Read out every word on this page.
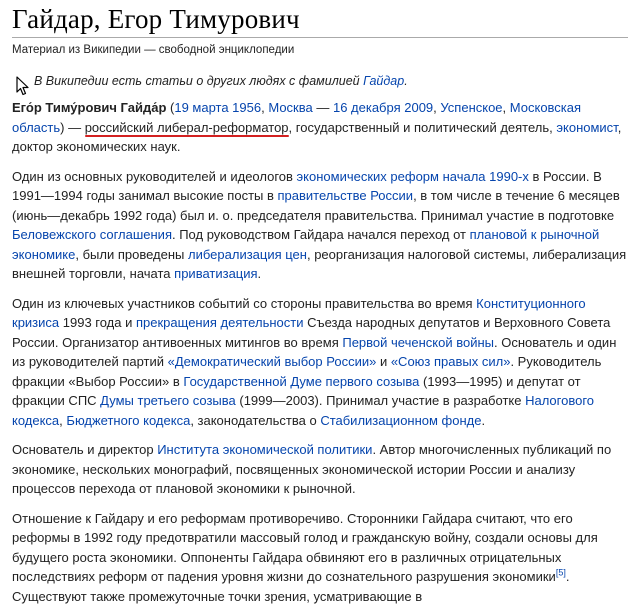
Гайдар, Егор Тимурович
Материал из Википедии — свободной энциклопедии
В Википедии есть статьи о других людях с фамилией Гайдар.

Его́р Тиму́рович Гайда́р (19 марта 1956, Москва — 16 декабря 2009, Успенское, Московская область) — российский либерал-реформатор
, государственный и политический деятель, экономист, доктор экономических наук.

Один из основных руководителей и идеологов экономических реформ начала 1990-х в России. В 1991—1994 годы занимал высокие посты в правительстве России, в том числе в течение 6 месяцев (июнь—декабрь 1992 года) был и. о. председателя правительства. Принимал участие в подготовке Беловежского соглашения. Под руководством Гайдара начался переход от плановой к рыночной экономике, были проведены либерализация цен, реорганизация налоговой системы, либерализация внешней торговли, начата приватизация.

Один из ключевых участников событий со стороны правительства во время Конституционного кризиса 1993 года и прекращения деятельности Съезда народных депутатов и Верховного Совета России. Организатор антивоенных митингов во время Первой чеченской войны. Основатель и один из руководителей партий «Демократический выбор России» и «Союз правых сил». Руководитель фракции «Выбор России» в Государственной Думе первого созыва (1993—1995) и депутат от фракции СПС Думы третьего созыва (1999—2003). Принимал участие в разработке Налогового кодекса, Бюджетного кодекса, законодательства о Стабилизационном фонде.

Основатель и директор Института экономической политики. Автор многочисленных публикаций по экономике, нескольких монографий, посвященных экономической истории России и анализу процессов перехода от плановой экономики к рыночной.

Отношение к Гайдару и его реформам противоречиво. Сторонники Гайдара считают, что его реформы в 1992 году предотвратили массовый голод и гражданскую войну, создали основы для будущего роста экономики. Оппоненты Гайдара обвиняют его в различных отрицательных последствиях реформ от падения уровня жизни до сознательного разрушения экономики[5]. Существуют также промежуточные точки зрения, усматривающие в
